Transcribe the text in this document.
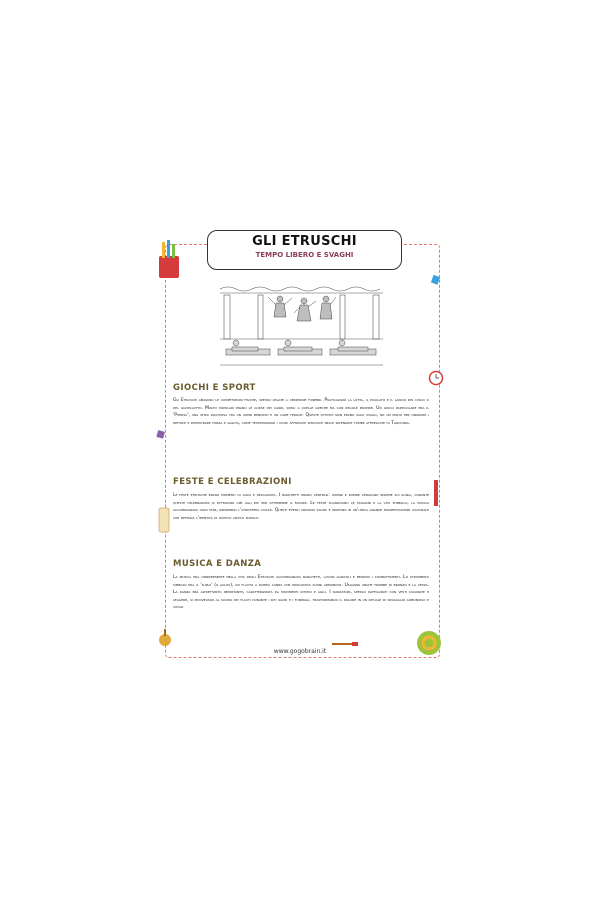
GLI ETRUSCHI
TEMPO LIBERO E SVAGHI
GIOCHI E SPORT
Gli Etruschi amavano le competizioni fisiche, spesso legate a cerimonie funebri. Praticavano la lotta, il pugilato e il lancio del disco o del giavellotto. Molto popolari erano le corse dei carri, simili a quelle greche ma con regole proprie. Un gioco particolare era il 'Phersu', una sfida rischiosa tra un uomo bendato e un cane feroce. Queste attività non erano solo svago, ma un modo per onorare i defunti e dimostrare forza e agilità, come testimoniano i vividi affreschi ritrovati nelle splendide tombe affrescate di Tarquinia.
FESTE E CELEBRAZIONI
Le feste etrusche erano momenti di gioia e religiosità. I banchetti erano centrali: uomini e donne cenavano insieme sui klinai, durante queste celebrazioni si offrivano cibi agli dei per ottenerne il favore. Le feste scandivano le stagioni e la vita pubblica, la musica accompagnava ogni fase, rendendo l'atmosfera vivace. Questi eventi univano sacro e profano in un'unica grande manifestazione culturale che definiva l'identità di questo antico popolo.
MUSICA E DANZA
La musica era onnipresente nella vita degli Etruschi accompagnava banchetti, lavori agricoli e persino i combattimenti. Lo strumento simbolo era il 'suplu' (o aulos), un flauto a doppia canna che produceva suoni armoniosi. Usavano anche trombe di bronzo e la cetra. La danza era altrettanto importante, caratterizzata da movimenti ritmici e agili. I danzatori, spesso raffigurati con vesti colorate e leggere, si muovevano al suono dei flauti durante i riti sacri e i funerali, trasformando il dolore in un rituale di passaggio armonioso e vitale.
www.gogobrain.it
